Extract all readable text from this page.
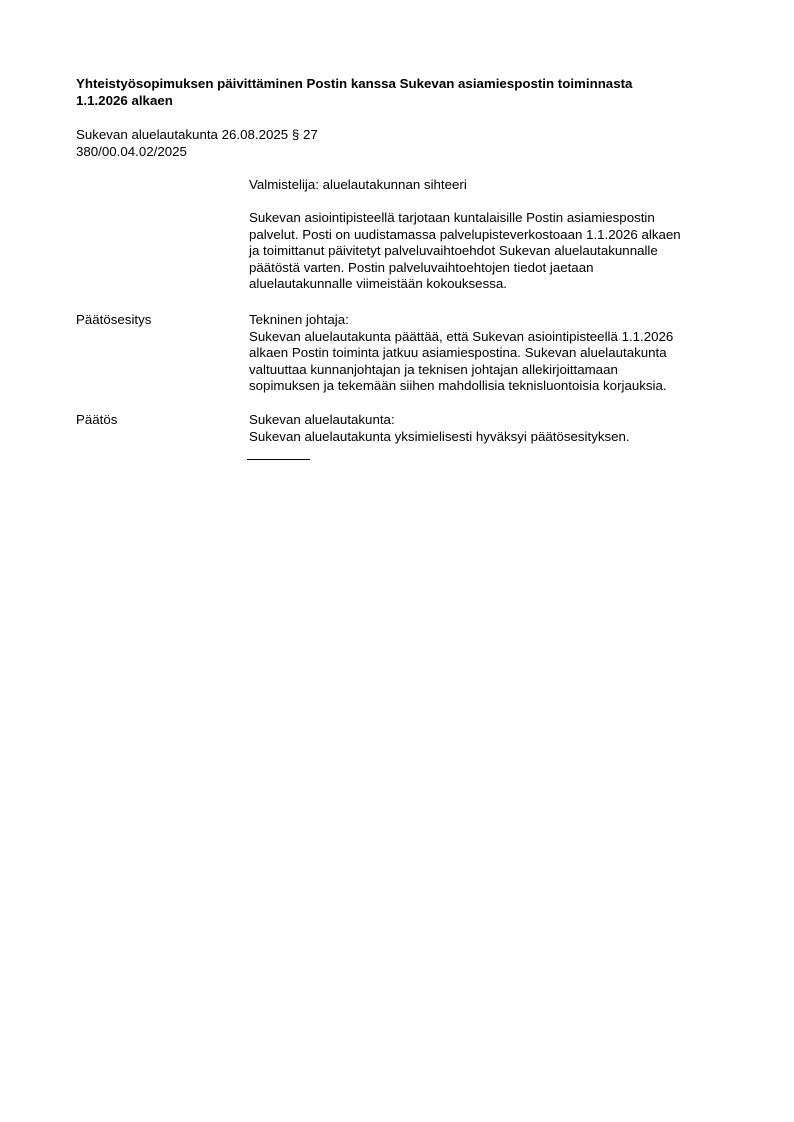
Yhteistyösopimuksen päivittäminen Postin kanssa Sukevan asiamiespostin toiminnasta
1.1.2026 alkaen
Sukevan aluelautakunta 26.08.2025 § 27
380/00.04.02/2025
Valmistelija: aluelautakunnan sihteeri
Sukevan asiointipisteellä tarjotaan kuntalaisille Postin asiamiespostin
palvelut. Posti on uudistamassa palvelupisteverkostoaan 1.1.2026 alkaen
ja toimittanut päivitetyt palveluvaihtoehdot Sukevan aluelautakunnalle
päätöstä varten. Postin palveluvaihtoehtojen tiedot jaetaan
aluelautakunnalle viimeistään kokouksessa.
Päätösesitys	Tekninen johtaja:
Sukevan aluelautakunta päättää, että Sukevan asiointipisteellä 1.1.2026
alkaen Postin toiminta jatkuu asiamiespostina. Sukevan aluelautakunta
valtuuttaa kunnanjohtajan ja teknisen johtajan allekirjoittamaan
sopimuksen ja tekemään siihen mahdollisia teknisluontoisia korjauksia.
Päätös	Sukevan aluelautakunta:
Sukevan aluelautakunta yksimielisesti hyväksyi päätösesityksen.
